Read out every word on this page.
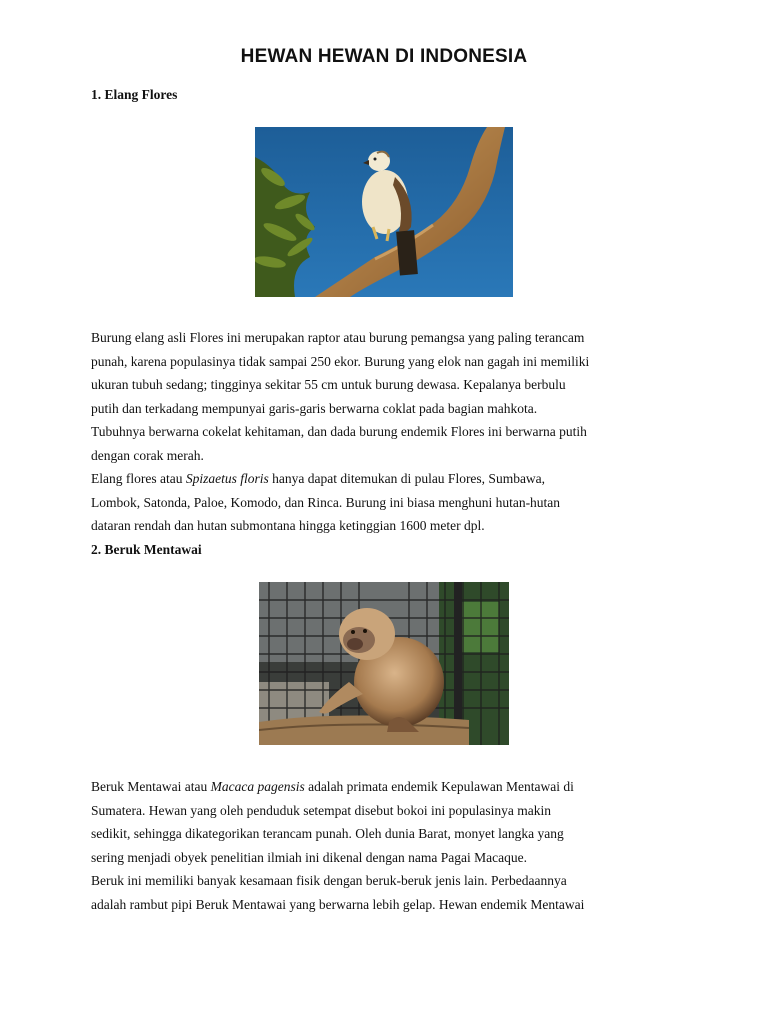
HEWAN HEWAN DI INDONESIA
1. Elang Flores
Burung elang asli Flores ini merupakan raptor atau burung pemangsa yang paling terancam
punah, karena populasinya tidak sampai 250 ekor. Burung yang elok nan gagah ini memiliki
ukuran tubuh sedang; tingginya sekitar 55 cm untuk burung dewasa. Kepalanya berbulu
putih dan terkadang mempunyai garis-garis berwarna coklat pada bagian mahkota.
Tubuhnya berwarna cokelat kehitaman, dan dada burung endemik Flores ini berwarna putih
dengan corak merah.
Elang flores atau Spizaetus floris hanya dapat ditemukan di pulau Flores, Sumbawa,
Lombok, Satonda, Paloe, Komodo, dan Rinca. Burung ini biasa menghuni hutan-hutan
dataran rendah dan hutan submontana hingga ketinggian 1600 meter dpl.
2. Beruk Mentawai
Beruk Mentawai atau Macaca pagensis adalah primata endemik Kepulawan Mentawai di
Sumatera. Hewan yang oleh penduduk setempat disebut bokoi ini populasinya makin
sedikit, sehingga dikategorikan terancam punah. Oleh dunia Barat, monyet langka yang
sering menjadi obyek penelitian ilmiah ini dikenal dengan nama Pagai Macaque.
Beruk ini memiliki banyak kesamaan fisik dengan beruk-beruk jenis lain. Perbedaannya
adalah rambut pipi Beruk Mentawai yang berwarna lebih gelap. Hewan endemik Mentawai
